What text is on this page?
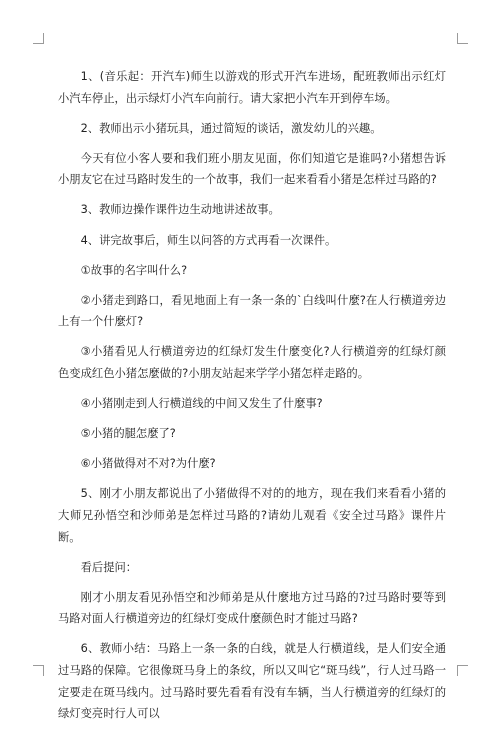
1、(音乐起：开汽车)师生以游戏的形式开汽车进场，配班教师出示红灯小汽车停止，出示绿灯小汽车向前行。请大家把小汽车开到停车场。

2、教师出示小猪玩具，通过简短的谈话，激发幼儿的兴趣。

今天有位小客人要和我们班小朋友见面，你们知道它是谁吗?小猪想告诉小朋友它在过马路时发生的一个故事，我们一起来看看小猪是怎样过马路的?

3、教师边操作课件边生动地讲述故事。

4、讲完故事后，师生以问答的方式再看一次课件。

①故事的名字叫什么?

②小猪走到路口，看见地面上有一条一条的`白线叫什麼?在人行横道旁边上有一个什麼灯?

③小猪看见人行横道旁边的红绿灯发生什麼变化?人行横道旁的红绿灯颜色变成红色小猪怎麼做的?小朋友站起来学学小猪怎样走路的。

④小猪刚走到人行横道线的中间又发生了什麼事?

⑤小猪的腿怎麼了?

⑥小猪做得对不对?为什麼?

5、刚才小朋友都说出了小猪做得不对的的地方，现在我们来看看小猪的大师兄孙悟空和沙师弟是怎样过马路的?请幼儿观看《安全过马路》课件片断。

看后提问：

刚才小朋友看见孙悟空和沙师弟是从什麼地方过马路的?过马路时要等到马路对面人行横道旁边的红绿灯变成什麼颜色时才能过马路?

6、教师小结：马路上一条一条的白线，就是人行横道线，是人们安全通过马路的保障。它很像斑马身上的条纹，所以又叫它“斑马线”，行人过马路一定要走在斑马线内。过马路时要先看看有没有车辆，当人行横道旁的红绿灯的绿灯变亮时行人可以
